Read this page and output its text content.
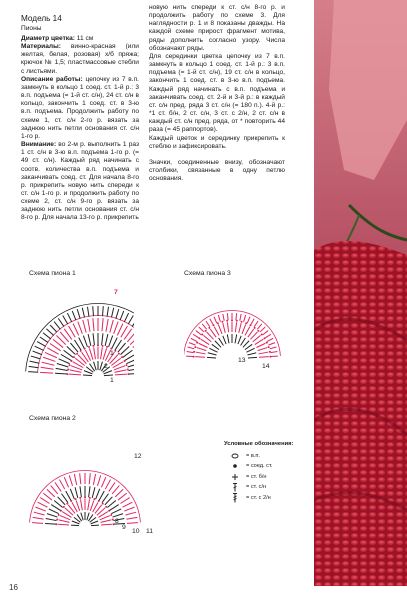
Модель 14
Пионы

Диаметр цветка: 11 см

Материалы: винно-красная (или желтая, белая, розовая) х/б пряжа; крючок № 1,5; пластмассовые стебли с листьями.

Описание работы: цепочку из 7 в.п. замкнуть в кольцо 1 соед. ст. 1-й р.: 3 в.п. подъема (= 1-й ст. с/н), 24 ст. с/н в кольцо, закончить 1 соед. ст. в 3-ю в.п. подъема. Продолжить работу по схеме 1, ст. с/н 2-го р. вязать за заднюю нить петли основания ст. с/н 1-го р.

Внимание: во 2-м р. выполнить 1 раз 1 ст. с/н в 3-ю в.п. подъема 1-го р. (= 49 ст. с/н). Каждый ряд начинать с соотв. количества в.п. подъема и заканчивать соед. ст. Для начала 8-го р. прикрепить новую нить спереди к ст. с/н 1-го р. и продолжить работу по схеме 2, ст. с/н 9-го р. вязать за заднюю нить петли основания ст. с/н 8-го р. Для начала 13-го р. прикрепить

новую нить спереди к ст. с/н 8-го р. и продолжить работу по схеме 3. Для наглядности р. 1 и 8 показаны дважды. На каждой схеме прирост фрагмент мотива, ряды дополнить согласно узору. Числа обозначают ряды.

Для серединки цветка цепочку из 7 в.п. замкнуть в кольцо 1 соед. ст. 1-й р.: 3 в.п. подъема (= 1-й ст. с/н), 19 ст. с/н в кольцо, закончить 1 соед. ст. в 3-ю в.п. подъема. Каждый ряд начинать с в.п. подъема и заканчивать соед. ст. 2-й и 3-й р.: в каждый ст. с/н пред. ряда 3 ст. с/н (= 180 п.). 4-й р.: *1 ст. б/н, 2 ст. с/н, 3 ст. с 2/н, 2 ст. с/н в каждый ст. с/н пред. ряда, от * повторить 44 раза (= 45 раппортов).

Каждый цветок и серединку прикрепить к стеблю и зафиксировать.

Значки, соединенные внизу, обозначают столбики, связанные в одну петлю основания.

Схема пиона 1	Схема пиона 3
Схема пиона 2
7
1
2
1
13
14
12
9
10 11
8
Условные обозначения:
= в.п.
= соед. ст.
= ст. б/н
= ст. с/н
= ст. с 2/н
16
